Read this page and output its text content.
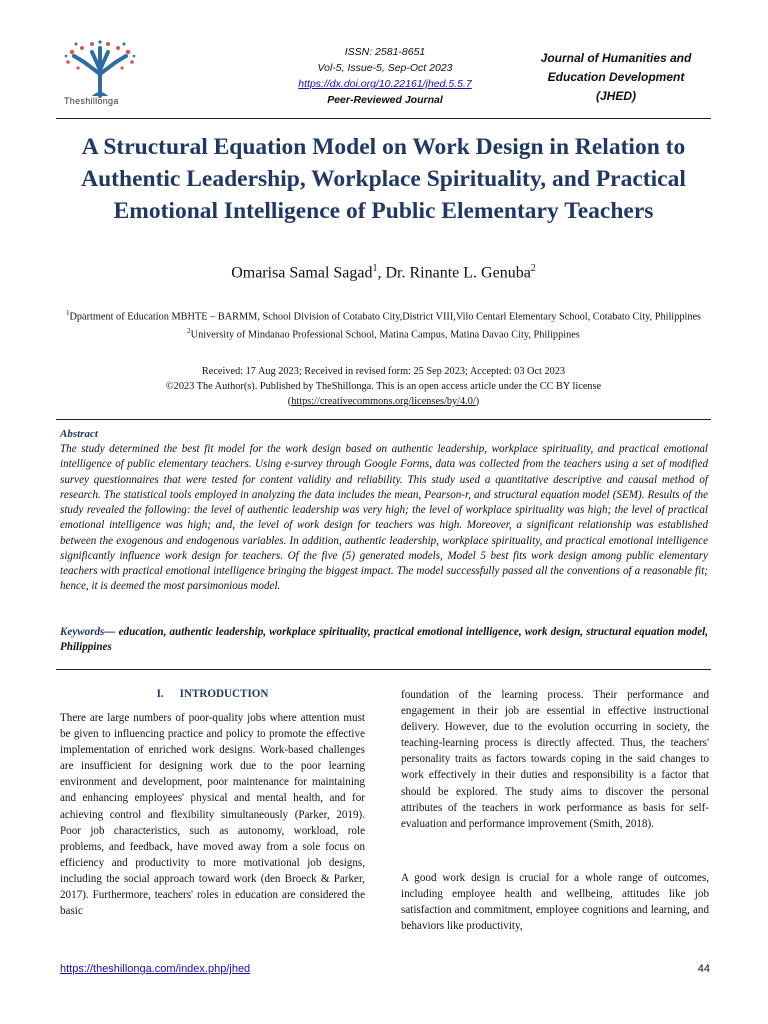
Theshillonga
ISSN: 2581-8651
Vol-5, Issue-5, Sep-Oct 2023
https://dx.doi.org/10.22161/jhed.5.5.7
Peer-Reviewed Journal
Journal of Humanities and
Education Development
(JHED)
A Structural Equation Model on Work Design in Relation to Authentic Leadership, Workplace Spirituality, and Practical Emotional Intelligence of Public Elementary Teachers
Omarisa Samal Sagad$^1$, Dr. Rinante L. Genuba$^2$
$^1$Dpartment of Education MBHTE – BARMM, School Division of Cotabato City,District VIII,Vilo Centarl Elementary School, Cotabato City, Philippines
$^2$University of Mindanao Professional School, Matina Campus, Matina Davao City, Philippines
Received: 17 Aug 2023; Received in revised form: 25 Sep 2023; Accepted: 03 Oct 2023
©2023 The Author(s). Published by TheShillonga. This is an open access article under the CC BY license
(https://creativecommons.org/licenses/by/4.0/)
Abstract
The study determined the best fit model for the work design based on authentic leadership, workplace spirituality, and practical emotional intelligence of public elementary teachers. Using e-survey through Google Forms, data was collected from the teachers using a set of modified survey questionnaires that were tested for content validity and reliability. This study used a quantitative descriptive and causal method of research. The statistical tools employed in analyzing the data includes the mean, Pearson-r, and structural equation model (SEM). Results of the study revealed the following: the level of authentic leadership was very high; the level of workplace spirituality was high; the level of practical emotional intelligence was high; and, the level of work design for teachers was high. Moreover, a significant relationship was established between the exogenous and endogenous variables. In addition, authentic leadership, workplace spirituality, and practical emotional intelligence significantly influence work design for teachers. Of the five (5) generated models, Model 5 best fits work design among public elementary teachers with practical emotional intelligence bringing the biggest impact. The model successfully passed all the conventions of a reasonable fit; hence, it is deemed the most parsimonious model.
Keywords— education, authentic leadership, workplace spirituality, practical emotional intelligence, work design, structural equation model, Philippines
I. INTRODUCTION
There are large numbers of poor-quality jobs where attention must be given to influencing practice and policy to promote the effective implementation of enriched work designs. Work-based challenges are insufficient for designing work due to the poor learning environment and development, poor maintenance for maintaining and enhancing employees' physical and mental health, and for achieving control and flexibility simultaneously (Parker, 2019). Poor job characteristics, such as autonomy, workload, role problems, and feedback, have moved away from a sole focus on efficiency and productivity to more motivational job designs, including the social approach toward work (den Broeck & Parker, 2017). Furthermore, teachers' roles in education are considered the basic
foundation of the learning process. Their performance and engagement in their job are essential in effective instructional delivery. However, due to the evolution occurring in society, the teaching-learning process is directly affected. Thus, the teachers' personality traits as factors towards coping in the said changes to work effectively in their duties and responsibility is a factor that should be explored. The study aims to discover the personal attributes of the teachers in work performance as basis for self-evaluation and performance improvement (Smith, 2018).
A good work design is crucial for a whole range of outcomes, including employee health and wellbeing, attitudes like job satisfaction and commitment, employee cognitions and learning, and behaviors like productivity,
https://theshillonga.com/index.php/jhed	44
